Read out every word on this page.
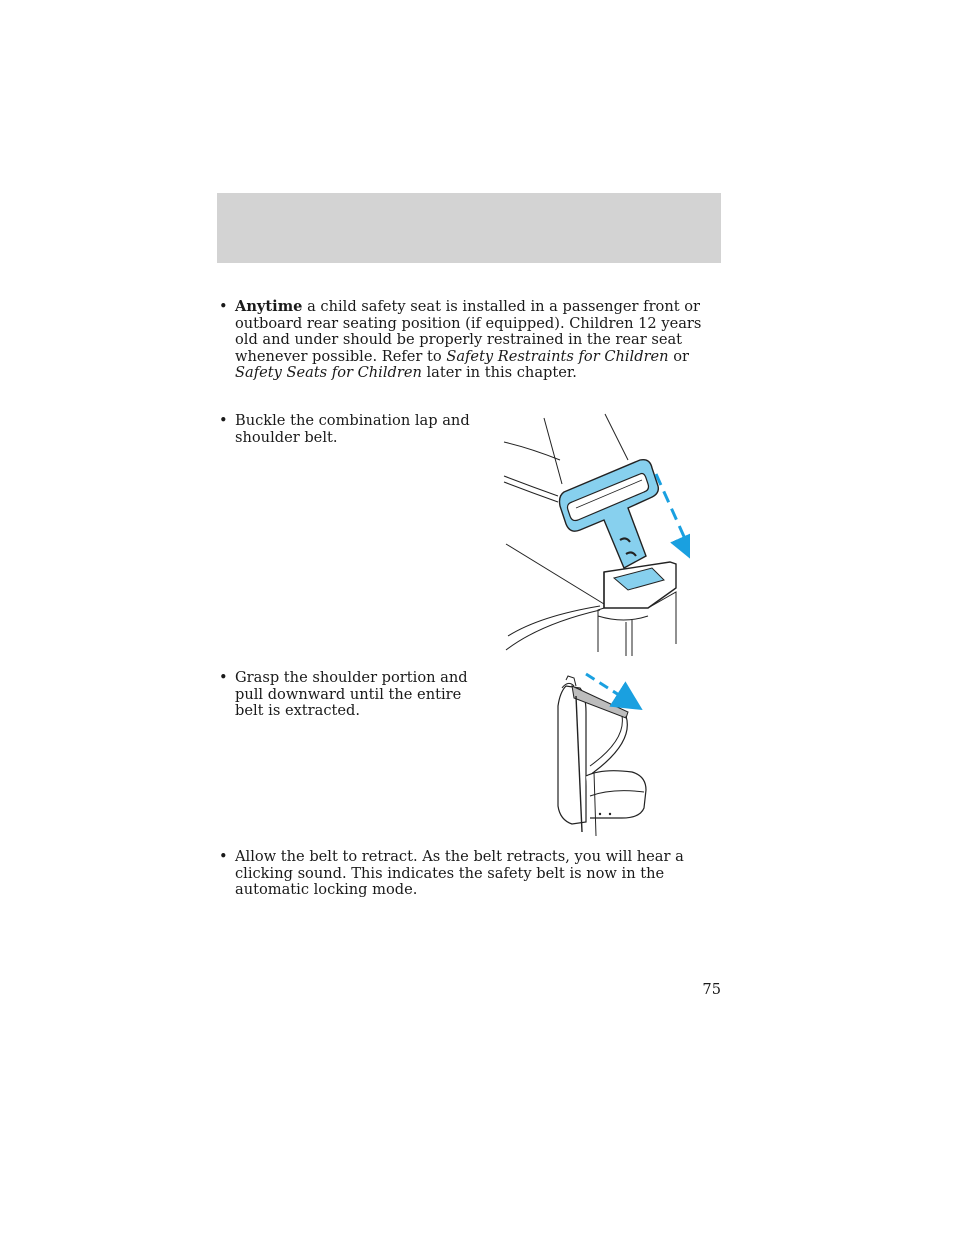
• Anytime a child safety seat is installed in a passenger front or outboard rear seating position (if equipped). Children 12 years old and under should be properly restrained in the rear seat whenever possible. Refer to Safety Restraints for Children or Safety Seats for Children later in this chapter.
• Buckle the combination lap and shoulder belt.
• Grasp the shoulder portion and pull downward until the entire belt is extracted.
• Allow the belt to retract. As the belt retracts, you will hear a clicking sound. This indicates the safety belt is now in the automatic locking mode.
75
